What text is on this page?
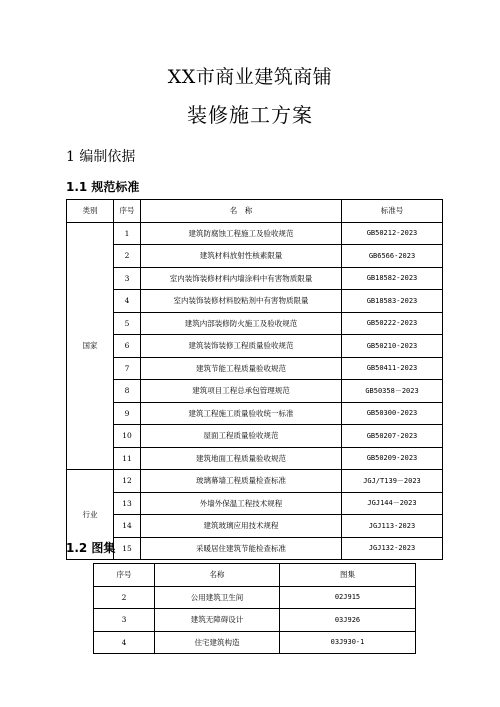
XX市商业建筑商铺
装修施工方案
1 编制依据
1.1 规范标准
类别	序号	名　称	标准号
国家	1	建筑防腐蚀工程施工及验收规范	GB50212-2023
	2	建筑材料放射性核素限量	GB6566-2023
	3	室内装饰装修材料内墙涂料中有害物质限量	GB18582-2023
	4	室内装饰装修材料胶粘剂中有害物质限量	GB18583-2023
	5	建筑内部装修防火施工及验收规范	GB50222-2023
	6	建筑装饰装修工程质量验收规范	GB50210-2023
	7	建筑节能工程质量验收规范	GB50411-2023
	8	建筑项目工程总承包管理规范	GB50358－2023
	9	建筑工程施工质量验收统一标准	GB50300-2023
	10	屋面工程质量验收规范	GB50207-2023
	11	建筑地面工程质量验收规范	GB50209-2023
行业	12	玻璃幕墙工程质量检查标准	JGJ/T139－2023
	13	外墙外保温工程技术规程	JGJ144－2023
	14	建筑玻璃应用技术规程	JGJ113-2023
	15	采暖居住建筑节能检查标准	JGJ132-2023
1.2 图集
序号	名称	图集
2	公用建筑卫生间	02J915
3	建筑无障碍设计	03J926
4	住宅建筑构造	03J930-1
